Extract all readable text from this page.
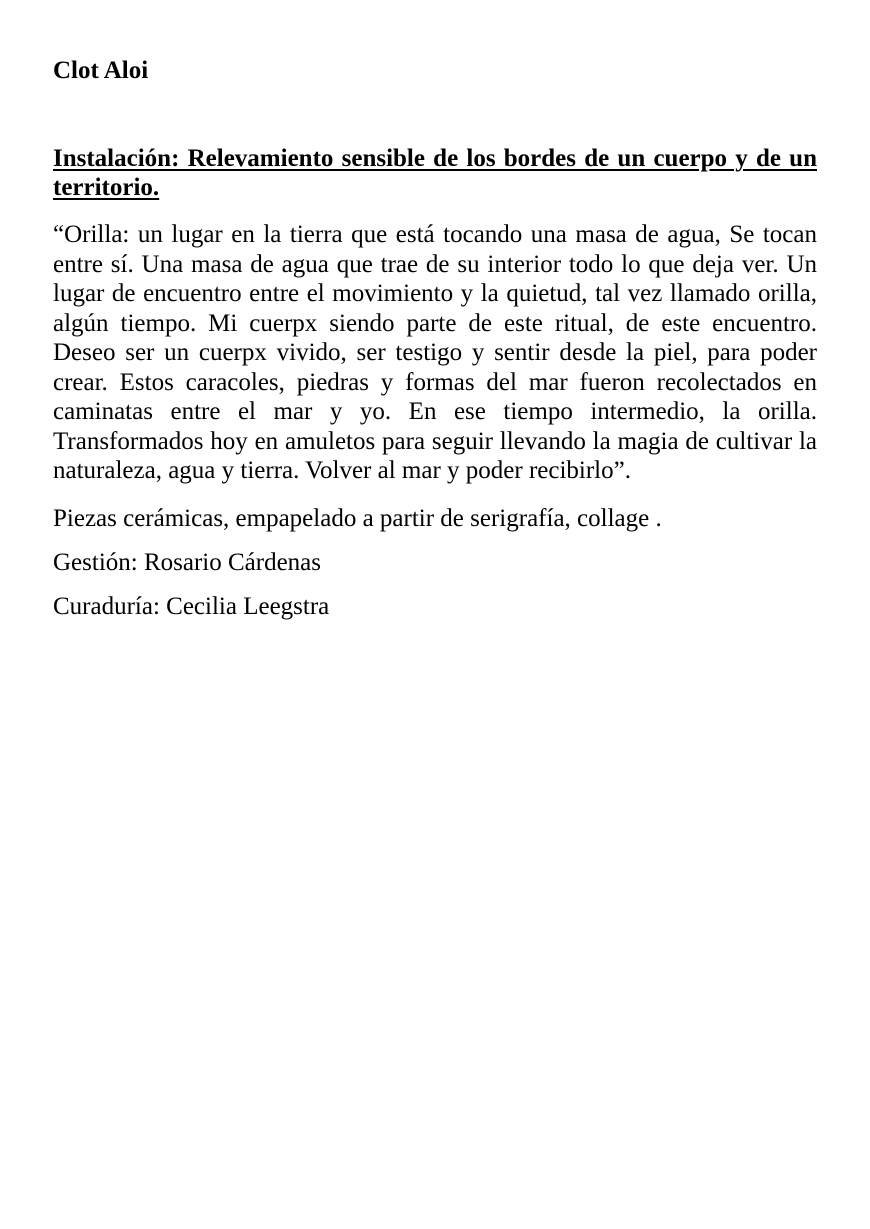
Clot Aloi

Instalación: Relevamiento sensible de los bordes de un cuerpo y de un territorio.

“Orilla: un lugar en la tierra que está tocando una masa de agua, Se tocan entre sí. Una masa de agua que trae de su interior todo lo que deja ver. Un lugar de encuentro entre el movimiento y la quietud, tal vez llamado orilla, algún tiempo. Mi cuerpx siendo parte de este ritual, de este encuentro. Deseo ser un cuerpx vivido, ser testigo y sentir desde la piel, para poder crear. Estos caracoles, piedras y formas del mar fueron recolectados en caminatas entre el mar y yo. En ese tiempo intermedio, la orilla. Transformados hoy en amuletos para seguir llevando la magia de cultivar la naturaleza, agua y tierra. Volver al mar y poder recibirlo”.

Piezas cerámicas, empapelado a partir de serigrafía, collage .

Gestión: Rosario Cárdenas

Curaduría: Cecilia Leegstra
